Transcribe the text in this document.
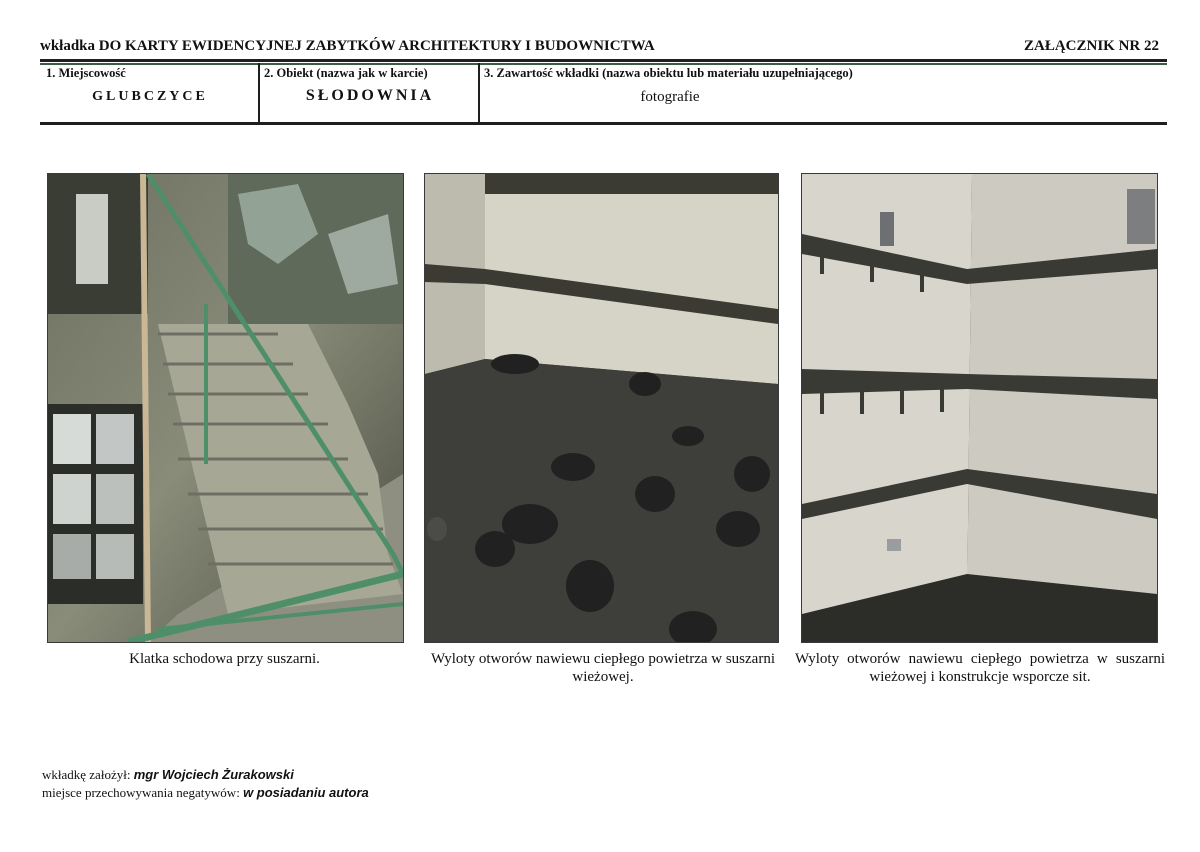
wkładka DO KARTY EWIDENCYJNEJ ZABYTKÓW ARCHITEKTURY I BUDOWNICTWA	ZAŁĄCZNIK NR 22
1. Miejscowość
GLUBCZYCE
2. Obiekt (nazwa jak w karcie)
SŁODOWNIA
3. Zawartość wkładki (nazwa obiektu lub materiału uzupełniającego)
fotografie
Klatka schodowa przy suszarni.	Wyloty otworów nawiewu ciepłego powietrza w suszarni wieżowej.
Wyloty otworów nawiewu ciepłego powietrza w suszarni wieżowej i konstrukcje wsporcze sit.
wkładkę założył: mgr Wojciech Żurakowski
miejsce przechowywania negatywów: w posiadaniu autora
